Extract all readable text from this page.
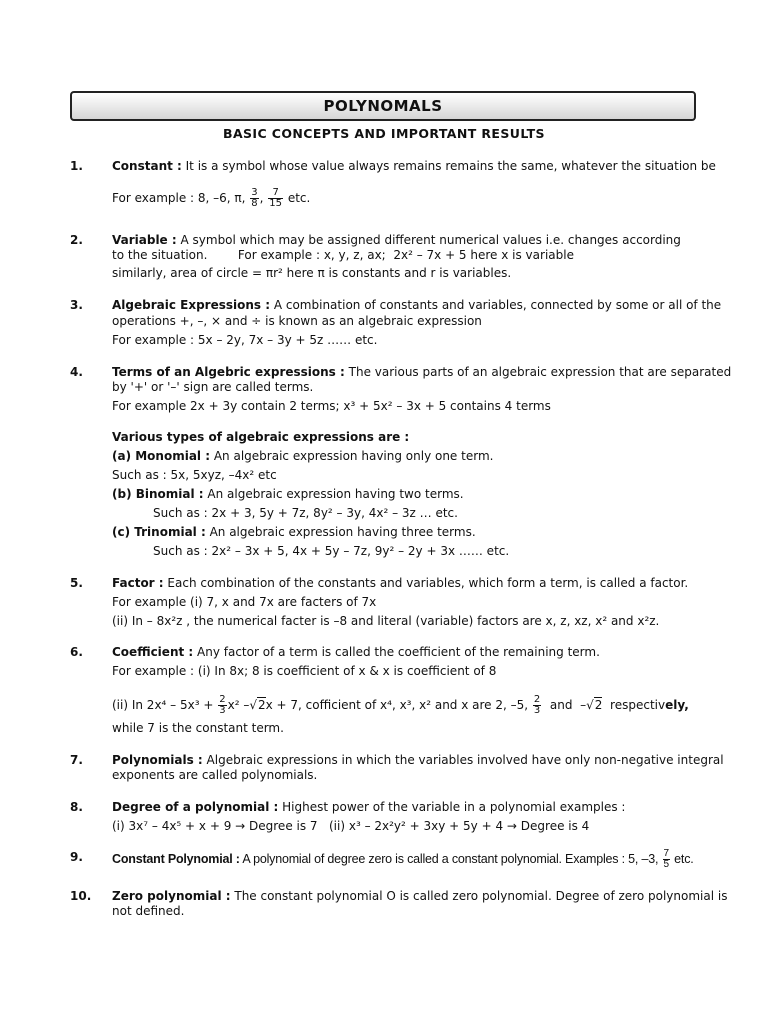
POLYNOMALS
BASIC CONCEPTS AND IMPORTANT RESULTS
1. Constant : It is a symbol whose value always remains remains the same, whatever the situation be
For example : 8, –6, π, $\frac{3}{8}$ , $\frac{7}{15}$ etc.
2. Variable : A symbol which may be assigned different numerical values i.e. changes according
to the situation.        For example : x, y, z, ax;  2x² – 7x + 5 here x is variable
similarly, area of circle = πr² here π is constants and r is variables.
3. Algebraic Expressions : A combination of constants and variables, connected by some or all of the
operations +, –, × and ÷ is known as an algebraic expression
For example : 5x – 2y, 7x – 3y + 5z …… etc.
4. Terms of an Algebric expressions : The various parts of an algebraic expression that are separated
by '+' or '–' sign are called terms.
For example 2x + 3y contain 2 terms; x³ + 5x² – 3x + 5 contains 4 terms
Various types of algebraic expressions are :
(a) Monomial : An algebraic expression having only one term.
Such as : 5x, 5xyz, –4x² etc
(b) Binomial : An algebraic expression having two terms.
Such as : 2x + 3, 5y + 7z, 8y² – 3y, 4x² – 3z … etc.
(c) Trinomial : An algebraic expression having three terms.
Such as : 2x² – 3x + 5, 4x + 5y – 7z, 9y² – 2y + 3x …… etc.
5. Factor : Each combination of the constants and variables, which form a term, is called a factor.
For example (i) 7, x and 7x are facters of 7x
(ii) In – 8x²z , the numerical facter is –8 and literal (variable) factors are x, z, xz, x² and x²z.
6. Coefficient : Any factor of a term is called the coefficient of the remaining term.
For example : (i) In 8x; 8 is coefficient of x & x is coefficient of 8
(ii) In $2x^4 - 5x^3 + \frac{2}{3} x^2$ –√2x + 7, cofficient of x⁴, x³, x² and x are 2, –5, $\frac{2}{3}$ and  –√2  respectively,
while 7 is the constant term.
7. Polynomials : Algebraic expressions in which the variables involved have only non-negative integral
exponents are called polynomials.
8. Degree of a polynomial : Highest power of the variable in a polynomial examples :
(i) 3x⁷ – 4x⁵ + x + 9 → Degree is 7   (ii) x³ – 2x²y² + 3xy + 5y + 4 → Degree is 4
9. Constant Polynomial : A polynomial of degree zero is called a constant polynomial. Examples : 5, –3, $\frac{7}{5}$ etc.
10. Zero polynomial : The constant polynomial O is called zero polynomial. Degree of zero polynomial is
not defined.
